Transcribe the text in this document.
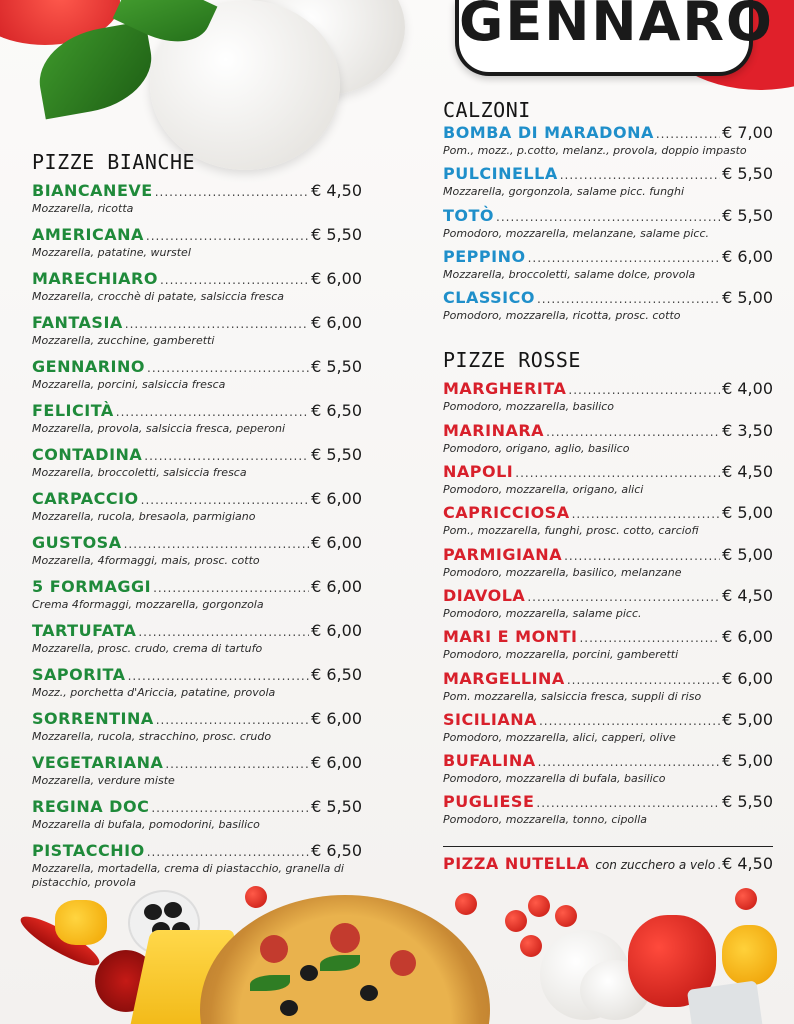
GENNARO
PIZZE BIANCHE
BIANCANEVE .....	€ 4,50
Mozzarella, ricotta
AMERICANA .....	€ 5,50
Mozzarella, patatine, wurstel
MARECHIARO .....	€ 6,00
Mozzarella, crocchè di patate, salsiccia fresca
FANTASIA .....	€ 6,00
Mozzarella, zucchine, gamberetti
GENNARINO .....	€ 5,50
Mozzarella, porcini, salsiccia fresca
FELICITÀ .....	€ 6,50
Mozzarella, provola, salsiccia fresca, peperoni
CONTADINA .....	€ 5,50
Mozzarella, broccoletti, salsiccia fresca
CARPACCIO .....	€ 6,00
Mozzarella, rucola, bresaola, parmigiano
GUSTOSA .....	€ 6,00
Mozzarella, 4formaggi, mais, prosc. cotto
5 FORMAGGI .....	€ 6,00
Crema 4formaggi, mozzarella, gorgonzola
TARTUFATA .....	€ 6,00
Mozzarella, prosc. crudo, crema di tartufo
SAPORITA .....	€ 6,50
Mozz., porchetta d'Ariccia, patatine, provola
SORRENTINA .....	€ 6,00
Mozzarella, rucola, stracchino, prosc. crudo
VEGETARIANA .....	€ 6,00
Mozzarella, verdure miste
REGINA DOC .....	€ 5,50
Mozzarella di bufala, pomodorini, basilico
PISTACCHIO .....	€ 6,50
Mozzarella, mortadella, crema di piastacchio, granella di pistacchio, provola
CALZONI
BOMBA DI MARADONA .....	€ 7,00
Pom., mozz., p.cotto, melanz., provola, doppio impasto
PULCINELLA .....	€ 5,50
Mozzarella, gorgonzola, salame picc. funghi
TOTÒ .....	€ 5,50
Pomodoro, mozzarella, melanzane, salame picc.
PEPPINO .....	€ 6,00
Mozzarella, broccoletti, salame dolce, provola
CLASSICO .....	€ 5,00
Pomodoro, mozzarella, ricotta, prosc. cotto
PIZZE ROSSE
MARGHERITA .....	€ 4,00
Pomodoro, mozzarella, basilico
MARINARA .....	€ 3,50
Pomodoro, origano, aglio, basilico
NAPOLI .....	€ 4,50
Pomodoro, mozzarella, origano, alici
CAPRICCIOSA .....	€ 5,00
Pom., mozzarella, funghi, prosc. cotto, carciofi
PARMIGIANA .....	€ 5,00
Pomodoro, mozzarella, basilico, melanzane
DIAVOLA .....	€ 4,50
Pomodoro, mozzarella, salame picc.
MARI E MONTI .....	€ 6,00
Pomodoro, mozzarella, porcini, gamberetti
MARGELLINA .....	€ 6,00
Pom. mozzarella, salsiccia fresca, suppli di riso
SICILIANA .....	€ 5,00
Pomodoro, mozzarella, alici, capperi, olive
BUFALINA .....	€ 5,00
Pomodoro, mozzarella di bufala, basilico
PUGLIESE .....	€ 5,50
Pomodoro, mozzarella, tonno, cipolla
PIZZA NUTELLA con zucchero a velo ..... € 4,50
